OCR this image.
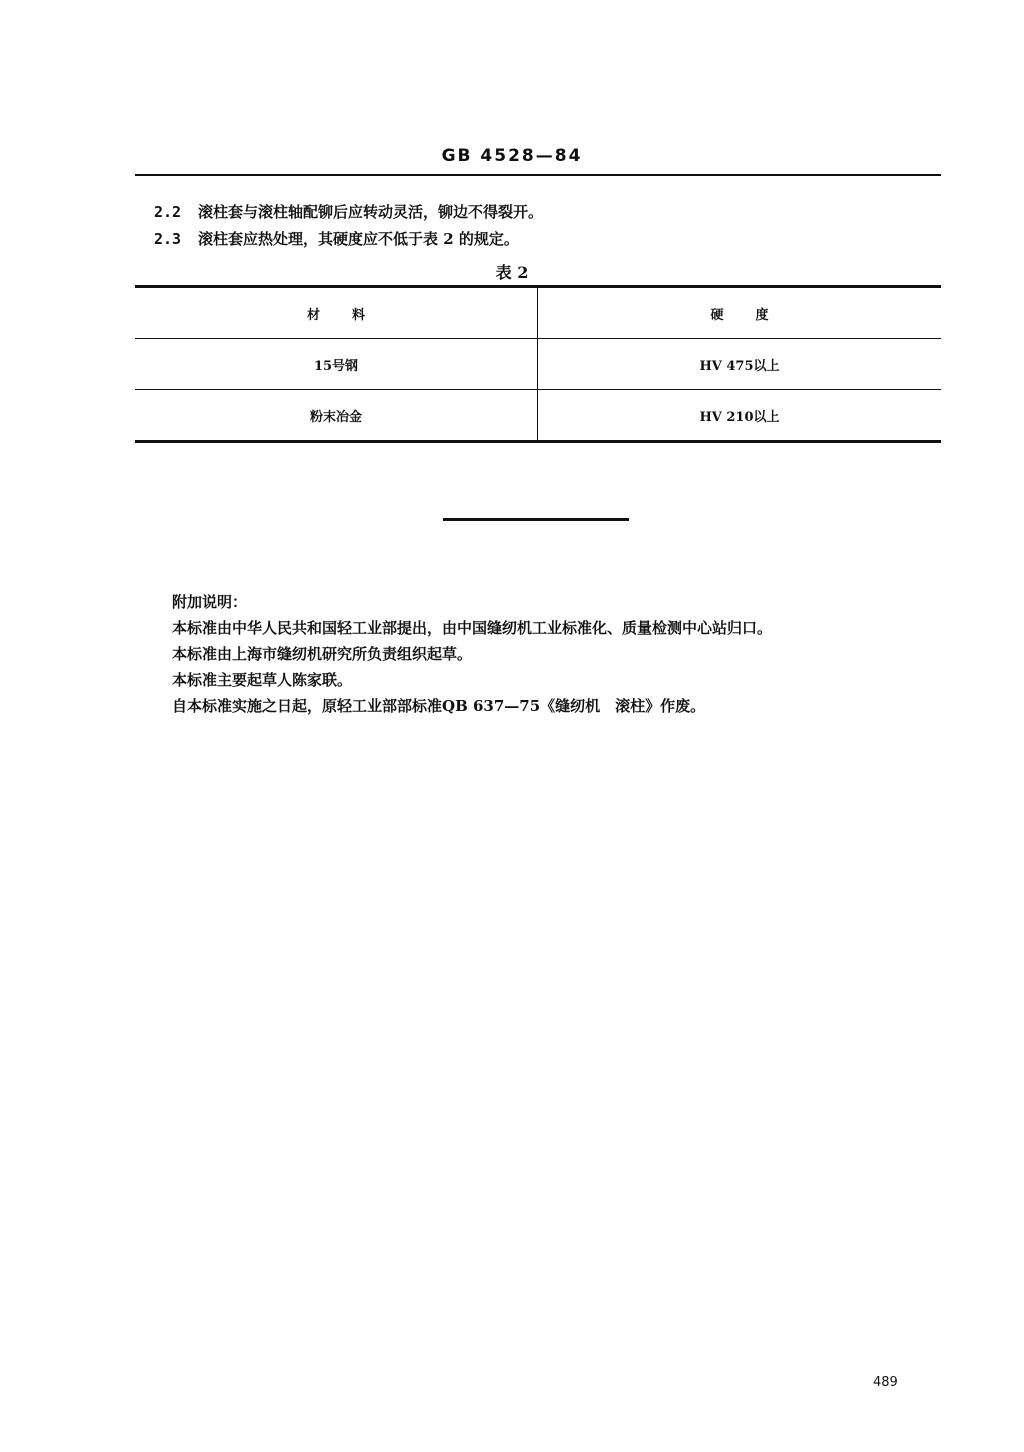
GB 4528—84
2.2 滚柱套与滚柱轴配铆后应转动灵活，铆边不得裂开。
2.3 滚柱套应热处理，其硬度应不低于表 2 的规定。
表 2
材料	硬度
15号钢	HV 475以上
粉末冶金	HV 210以上
附加说明：
本标准由中华人民共和国轻工业部提出，由中国缝纫机工业标准化、质量检测中心站归口。
本标准由上海市缝纫机研究所负责组织起草。
本标准主要起草人陈家联。
自本标准实施之日起，原轻工业部部标准QB 637—75《缝纫机　滚柱》作废。
489
